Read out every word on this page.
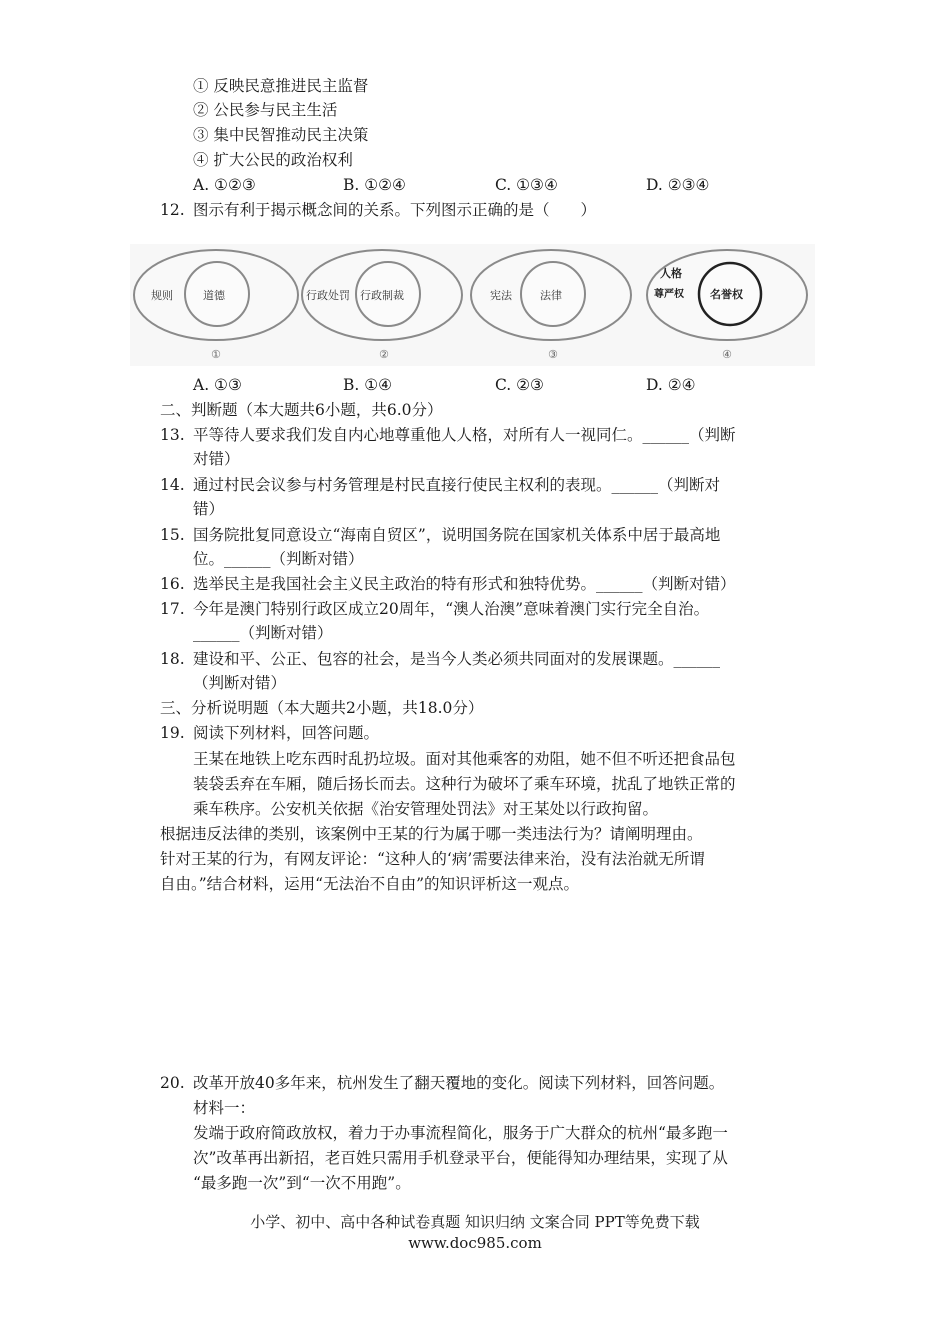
① 反映民意推进民主监督
② 公民参与民主生活
③ 集中民智推动民主决策
④ 扩大公民的政治权利
A. ①②③	B. ①②④	C. ①③④	D. ②③④
12. 图示有利于揭示概念间的关系。下列图示正确的是（　　）
规则	道德
①
行政处罚 行政制裁
②
宪法	法律
③
人格
尊严权 名誉权
④
A. ①③	B. ①④	C. ②③	D. ②④
二、判断题（本大题共6小题，共6.0分）
13. 平等待人要求我们发自内心地尊重他人人格，对所有人一视同仁。______（判断
对错）
14. 通过村民会议参与村务管理是村民直接行使民主权利的表现。______（判断对
错）
15. 国务院批复同意设立“海南自贸区”，说明国务院在国家机关体系中居于最高地
位。______（判断对错）
16. 选举民主是我国社会主义民主政治的特有形式和独特优势。______（判断对错）
17. 今年是澳门特别行政区成立20周年，“澳人治澳”意味着澳门实行完全自治。
______（判断对错）
18. 建设和平、公正、包容的社会，是当今人类必须共同面对的发展课题。______
（判断对错）
三、分析说明题（本大题共2小题，共18.0分）
19. 阅读下列材料，回答问题。
王某在地铁上吃东西时乱扔垃圾。面对其他乘客的劝阻，她不但不听还把食品包
装袋丢弃在车厢，随后扬长而去。这种行为破坏了乘车环境，扰乱了地铁正常的
乘车秩序。公安机关依据《治安管理处罚法》对王某处以行政拘留。
根据违反法律的类别，该案例中王某的行为属于哪一类违法行为？请阐明理由。
针对王某的行为，有网友评论：“这种人的‘病’需要法律来治，没有法治就无所谓
自由。”结合材料，运用“无法治不自由”的知识评析这一观点。
20. 改革开放40多年来，杭州发生了翻天覆地的变化。阅读下列材料，回答问题。
材料一：
发端于政府简政放权，着力于办事流程简化，服务于广大群众的杭州“最多跑一
次”改革再出新招，老百姓只需用手机登录平台，便能得知办理结果，实现了从
“最多跑一次”到“一次不用跑”。
小学、初中、高中各种试卷真题 知识归纳 文案合同 PPT等免费下载
www.doc985.com
